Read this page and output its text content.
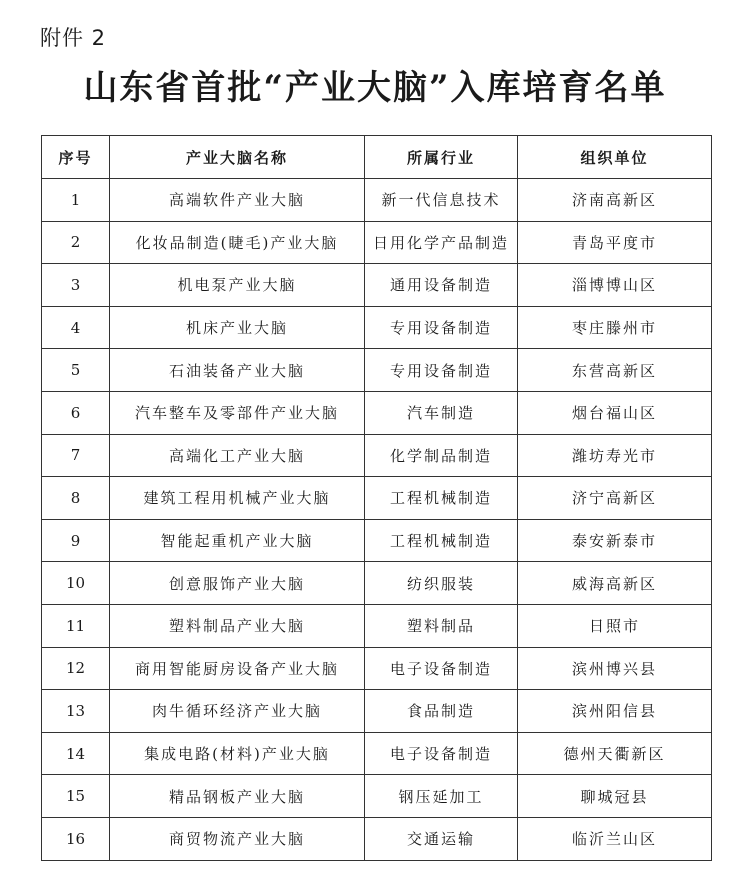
附件 2
山东省首批“产业大脑”入库培育名单
序号	产业大脑名称	所属行业	组织单位
1	高端软件产业大脑	新一代信息技术	济南高新区
2	化妆品制造(睫毛)产业大脑	日用化学产品制造	青岛平度市
3	机电泵产业大脑	通用设备制造	淄博博山区
4	机床产业大脑	专用设备制造	枣庄滕州市
5	石油装备产业大脑	专用设备制造	东营高新区
6	汽车整车及零部件产业大脑	汽车制造	烟台福山区
7	高端化工产业大脑	化学制品制造	潍坊寿光市
8	建筑工程用机械产业大脑	工程机械制造	济宁高新区
9	智能起重机产业大脑	工程机械制造	泰安新泰市
10	创意服饰产业大脑	纺织服装	威海高新区
11	塑料制品产业大脑	塑料制品	日照市
12	商用智能厨房设备产业大脑	电子设备制造	滨州博兴县
13	肉牛循环经济产业大脑	食品制造	滨州阳信县
14	集成电路(材料)产业大脑	电子设备制造	德州天衢新区
15	精品钢板产业大脑	钢压延加工	聊城冠县
16	商贸物流产业大脑	交通运输	临沂兰山区
